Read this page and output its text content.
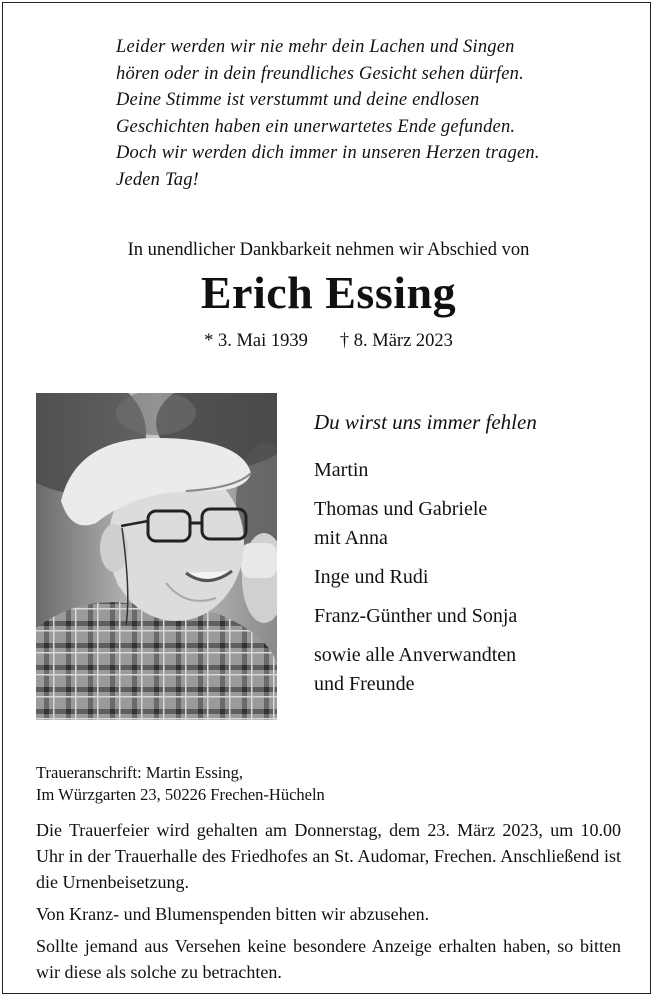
Leider werden wir nie mehr dein Lachen und Singen
hören oder in dein freundliches Gesicht sehen dürfen.
Deine Stimme ist verstummt und deine endlosen
Geschichten haben ein unerwartetes Ende gefunden.
Doch wir werden dich immer in unseren Herzen tragen.
Jeden Tag!
In unendlicher Dankbarkeit nehmen wir Abschied von
Erich Essing
* 3. Mai 1939 † 8. März 2023
Du wirst uns immer fehlen
Martin
Thomas und Gabriele
mit Anna
Inge und Rudi
Franz-Günther und Sonja
sowie alle Anverwandten
und Freunde
Traueranschrift: Martin Essing,
Im Würzgarten 23, 50226 Frechen-Hücheln

Die Trauerfeier wird gehalten am Donnerstag, dem 23. März 2023, um 10.00 Uhr in der Trauerhalle des Friedhofes an St. Audomar, Frechen. Anschließend ist die Urnenbeisetzung.

Von Kranz- und Blumenspenden bitten wir abzusehen.

Sollte jemand aus Versehen keine besondere Anzeige erhalten haben, so bitten wir diese als solche zu betrachten.
